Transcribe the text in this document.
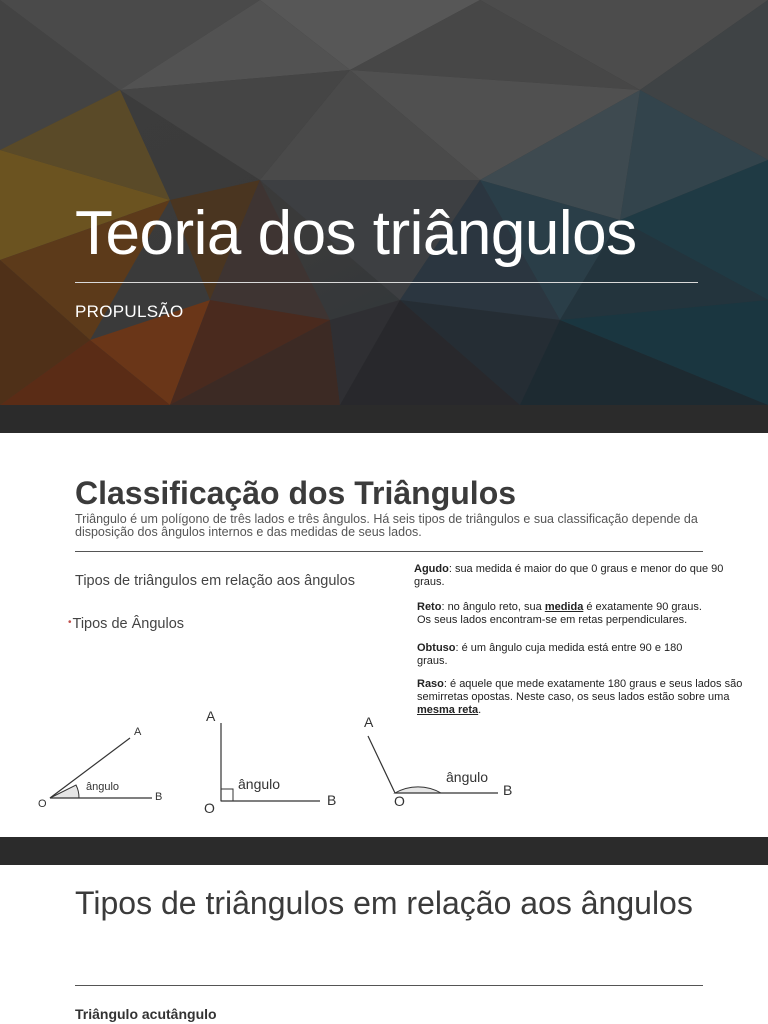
Teoria dos triângulos
PROPULSÃO
Classificação dos Triângulos
Triângulo é um polígono de três lados e três ângulos. Há seis tipos de triângulos e sua classificação depende da disposição dos ângulos internos e das medidas de seus lados.
Tipos de triângulos em relação aos ângulos
•Tipos de Ângulos
Agudo: sua medida é maior do que 0 graus e menor do que 90 graus.
Reto: no ângulo reto, sua medida é exatamente 90 graus.
Os seus lados encontram-se em retas perpendiculares.
Obtuso: é um ângulo cuja medida está entre 90 e 180 graus.
Raso: é aquele que mede exatamente 180 graus e seus lados são semirretas opostas. Neste caso, os seus lados estão sobre uma mesma reta.
A
O
B
ângulo
A
O	B
ângulo
A
O
B
ângulo
Tipos de triângulos em relação aos ângulos
Triângulo acutângulo
